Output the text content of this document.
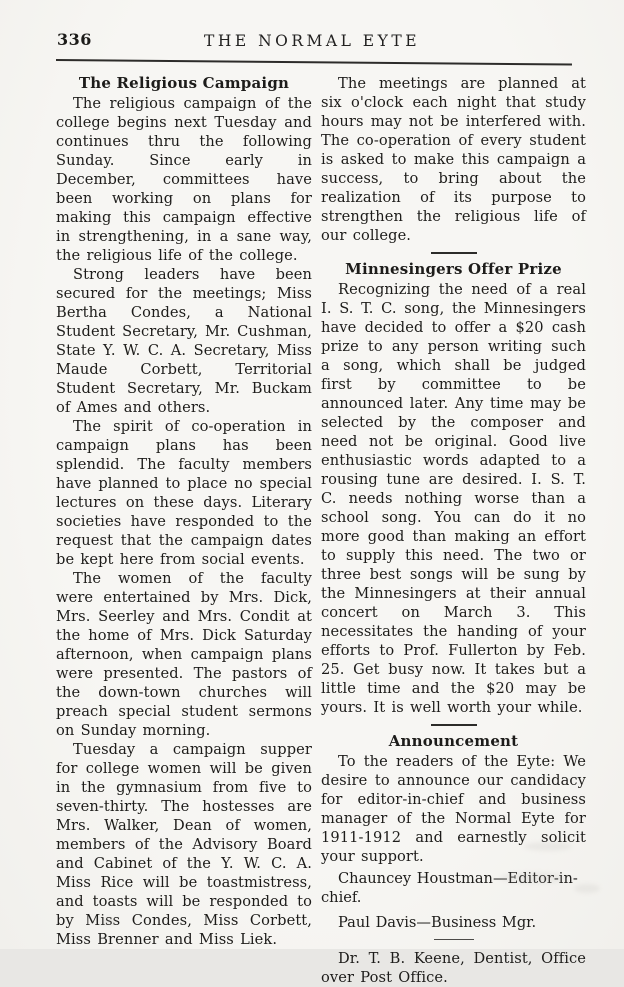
336	THE NORMAL EYTE
The Religious Campaign

The religious campaign of the college begins next Tuesday and continues thru the following Sunday. Since early in December, committees have been working on plans for making this campaign effective in strengthening, in a sane way, the religious life of the college.

Strong leaders have been secured for the meetings; Miss Bertha Condes, a National Student Secretary, Mr. Cushman, State Y. W. C. A. Secretary, Miss Maude Corbett, Territorial Student Secretary, Mr. Buckam of Ames and others.

The spirit of co-operation in campaign plans has been splendid. The faculty members have planned to place no special lectures on these days. Literary societies have responded to the request that the campaign dates be kept here from social events.

The women of the faculty were entertained by Mrs. Dick, Mrs. Seerley and Mrs. Condit at the home of Mrs. Dick Saturday afternoon, when campaign plans were presented. The pastors of the down-town churches will preach special student sermons on Sunday morning.

Tuesday a campaign supper for college women will be given in the gymnasium from five to seven-thirty. The hostesses are Mrs. Walker, Dean of women, members of the Advisory Board and Cabinet of the Y. W. C. A. Miss Rice will be toastmistress, and toasts will be responded to by Miss Condes, Miss Corbett, Miss Brenner and Miss Liek.

The meetings are planned at six o'clock each night that study hours may not be interfered with. The co-operation of every student is asked to make this campaign a success, to bring about the realization of its purpose to strengthen the religious life of our college.

Minnesingers Offer Prize

Recognizing the need of a real I. S. T. C. song, the Minnesingers have decided to offer a $20 cash prize to any person writing such a song, which shall be judged first by committee to be announced later. Any time may be selected by the composer and need not be original. Good live enthusiastic words adapted to a rousing tune are desired. I. S. T. C. needs nothing worse than a school song. You can do it no more good than making an effort to supply this need. The two or three best songs will be sung by the Minnesingers at their annual concert on March 3. This necessitates the handing of your efforts to Prof. Fullerton by Feb. 25. Get busy now. It takes but a little time and the $20 may be yours. It is well worth your while.

Announcement

To the readers of the Eyte: We desire to announce our candidacy for editor-in-chief and business manager of the Normal Eyte for 1911-1912 and earnestly solicit your support.

Chauncey Houstman—Editor-in-chief.

Paul Davis—Business Mgr.

Dr. T. B. Keene, Dentist, Office over Post Office.
